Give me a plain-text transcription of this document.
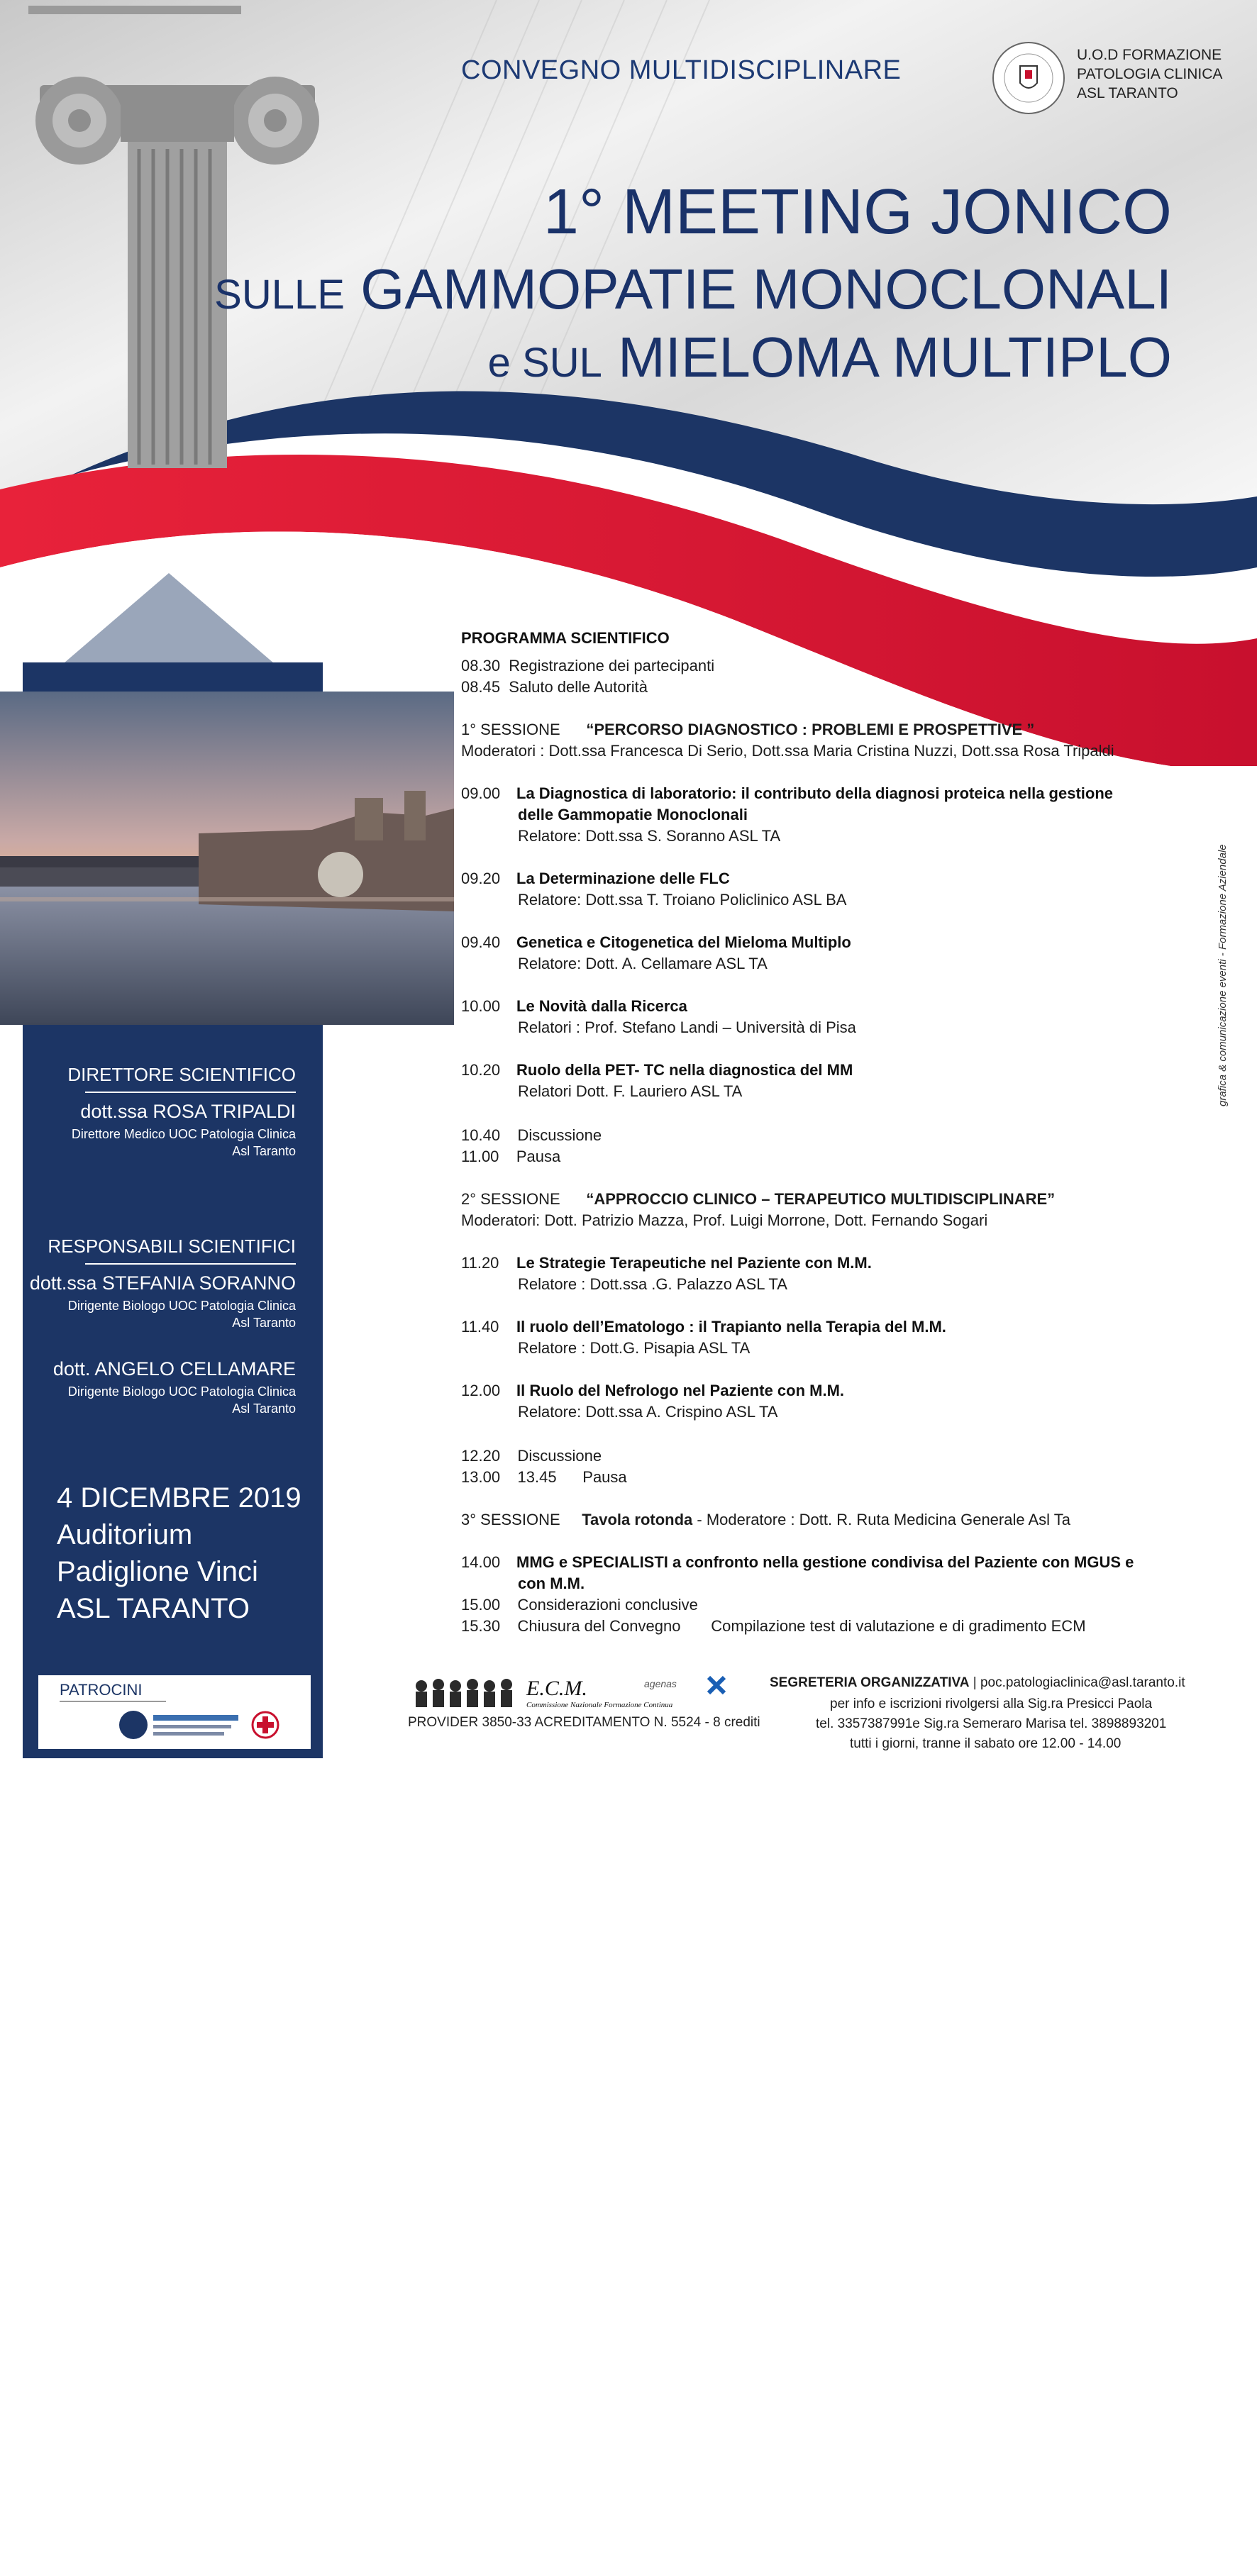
CONVEGNO MULTIDISCIPLINARE
U.O.D FORMAZIONE
PATOLOGIA CLINICA
ASL TARANTO
1° MEETING JONICO
SULLE GAMMOPATIE MONOCLONALI
e SUL MIELOMA MULTIPLO
DIRETTORE SCIENTIFICO
dott.ssa ROSA TRIPALDI
Direttore Medico UOC Patologia Clinica
Asl Taranto
RESPONSABILI SCIENTIFICI
dott.ssa STEFANIA SORANNO
Dirigente Biologo UOC Patologia Clinica
Asl Taranto
dott. ANGELO CELLAMARE
Dirigente Biologo UOC Patologia Clinica
Asl Taranto
4 DICEMBRE 2019
Auditorium
Padiglione Vinci
ASL TARANTO
PATROCINI
PROGRAMMA SCIENTIFICO
08.30 Registrazione dei partecipanti
08.45 Saluto delle Autorità
1° SESSIONE “PERCORSO DIAGNOSTICO : PROBLEMI E PROSPETTIVE ”
Moderatori : Dott.ssa Francesca Di Serio, Dott.ssa Maria Cristina Nuzzi, Dott.ssa Rosa Tripaldi
09.00 La Diagnostica di laboratorio: il contributo della diagnosi proteica nella gestione
delle Gammopatie Monoclonali
Relatore: Dott.ssa S. Soranno ASL TA
09.20 La Determinazione delle FLC
Relatore: Dott.ssa T. Troiano Policlinico ASL BA
09.40 Genetica e Citogenetica del Mieloma Multiplo
Relatore: Dott. A. Cellamare ASL TA
10.00 Le Novità dalla Ricerca
Relatori : Prof. Stefano Landi – Università di Pisa
10.20 Ruolo della PET- TC nella diagnostica del MM
Relatori Dott. F. Lauriero ASL TA
10.40 Discussione
11.00 Pausa
2° SESSIONE “APPROCCIO CLINICO – TERAPEUTICO MULTIDISCIPLINARE”
Moderatori: Dott. Patrizio Mazza, Prof. Luigi Morrone, Dott. Fernando Sogari
11.20 Le Strategie Terapeutiche nel Paziente con M.M.
Relatore : Dott.ssa .G. Palazzo ASL TA
11.40 Il ruolo dell’Ematologo : il Trapianto nella Terapia del M.M.
Relatore : Dott.G. Pisapia ASL TA
12.00 Il Ruolo del Nefrologo nel Paziente con M.M.
Relatore: Dott.ssa A. Crispino ASL TA
12.20 Discussione
13.00 13.45 Pausa
3° SESSIONE Tavola rotonda - Moderatore : Dott. R. Ruta Medicina Generale Asl Ta
14.00 MMG e SPECIALISTI a confronto nella gestione condivisa del Paziente con MGUS e
con M.M.
15.00 Considerazioni conclusive
15.30 Chiusura del Convegno Compilazione test di valutazione e di gradimento ECM
E.C.M.
Commissione Nazionale Formazione Continua
agenas
PROVIDER 3850-33 ACREDITAMENTO N. 5524 - 8 crediti
SEGRETERIA ORGANIZZATIVA | poc.patologiaclinica@asl.taranto.it
per info e iscrizioni rivolgersi alla Sig.ra Presicci Paola
tel. 3357387991e Sig.ra Semeraro Marisa tel. 3898893201
tutti i giorni, tranne il sabato ore 12.00 - 14.00
grafica & comunicazione eventi - Formazione Aziendale
